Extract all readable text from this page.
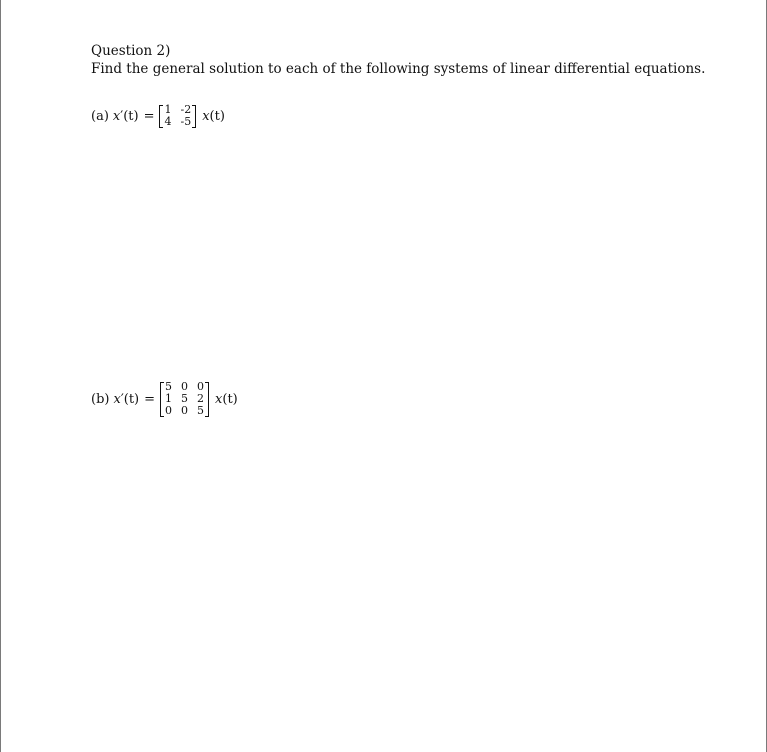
Question 2)
Find the general solution to each of the following systems of linear differential equations.
(a) x′(t) = 1 -2
4 -5 x(t)
(b) x′(t) =
5 0 0
1 5 2
0 0 5
x(t)
